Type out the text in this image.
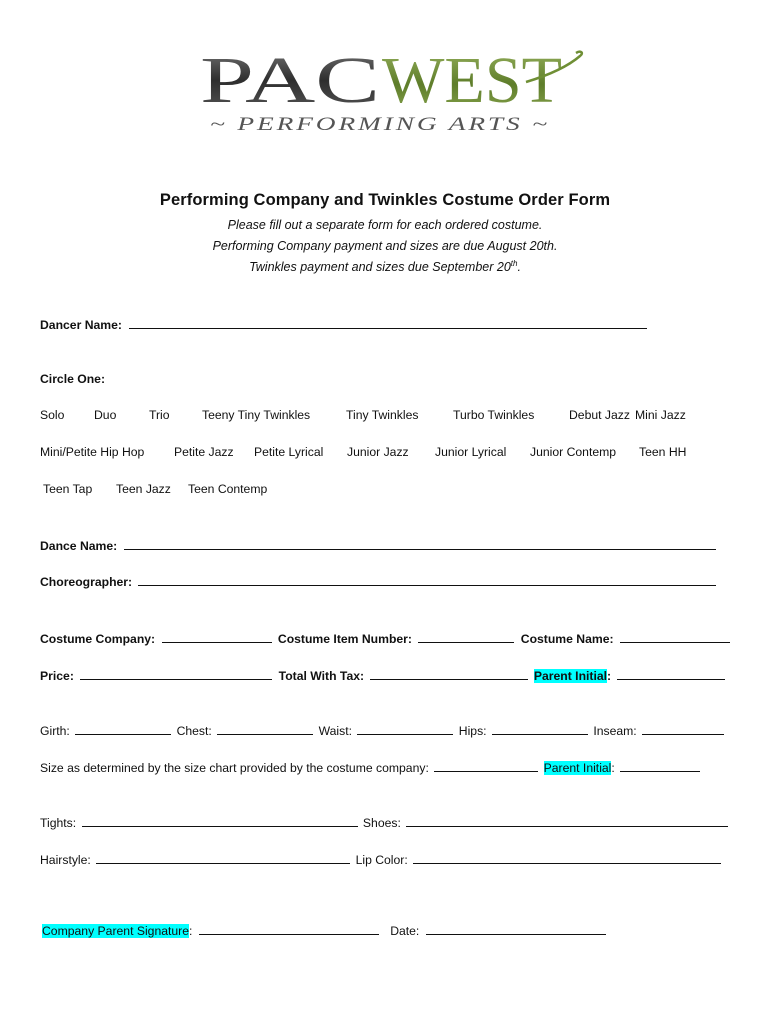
PAC WEST
~ PERFORMING ARTS ~
Performing Company and Twinkles Costume Order Form
Please fill out a separate form for each ordered costume.
Performing Company payment and sizes are due August 20th.
Twinkles payment and sizes due September 20th.
Dancer Name:
Circle One:
Solo Duo	Trio	Teeny Tiny Twinkles	Tiny Twinkles	Turbo Twinkles	Debut Jazz Mini Jazz
Mini/Petite Hip Hop Petite Jazz Petite Lyrical Junior Jazz Junior Lyrical Junior Contemp Teen HH
Teen Tap Teen Jazz Teen Contemp
Dance Name:
Choreographer:
Costume Company:	Costume Item Number:	Costume Name:
Price:	Total With Tax:	Parent Initial:
Girth:	Chest:	Waist:	Hips:	Inseam:
Size as determined by the size chart provided by the costume company:	Parent Initial:
Tights:	Shoes:
Hairstyle:	Lip Color:
Company Parent Signature:	Date:
